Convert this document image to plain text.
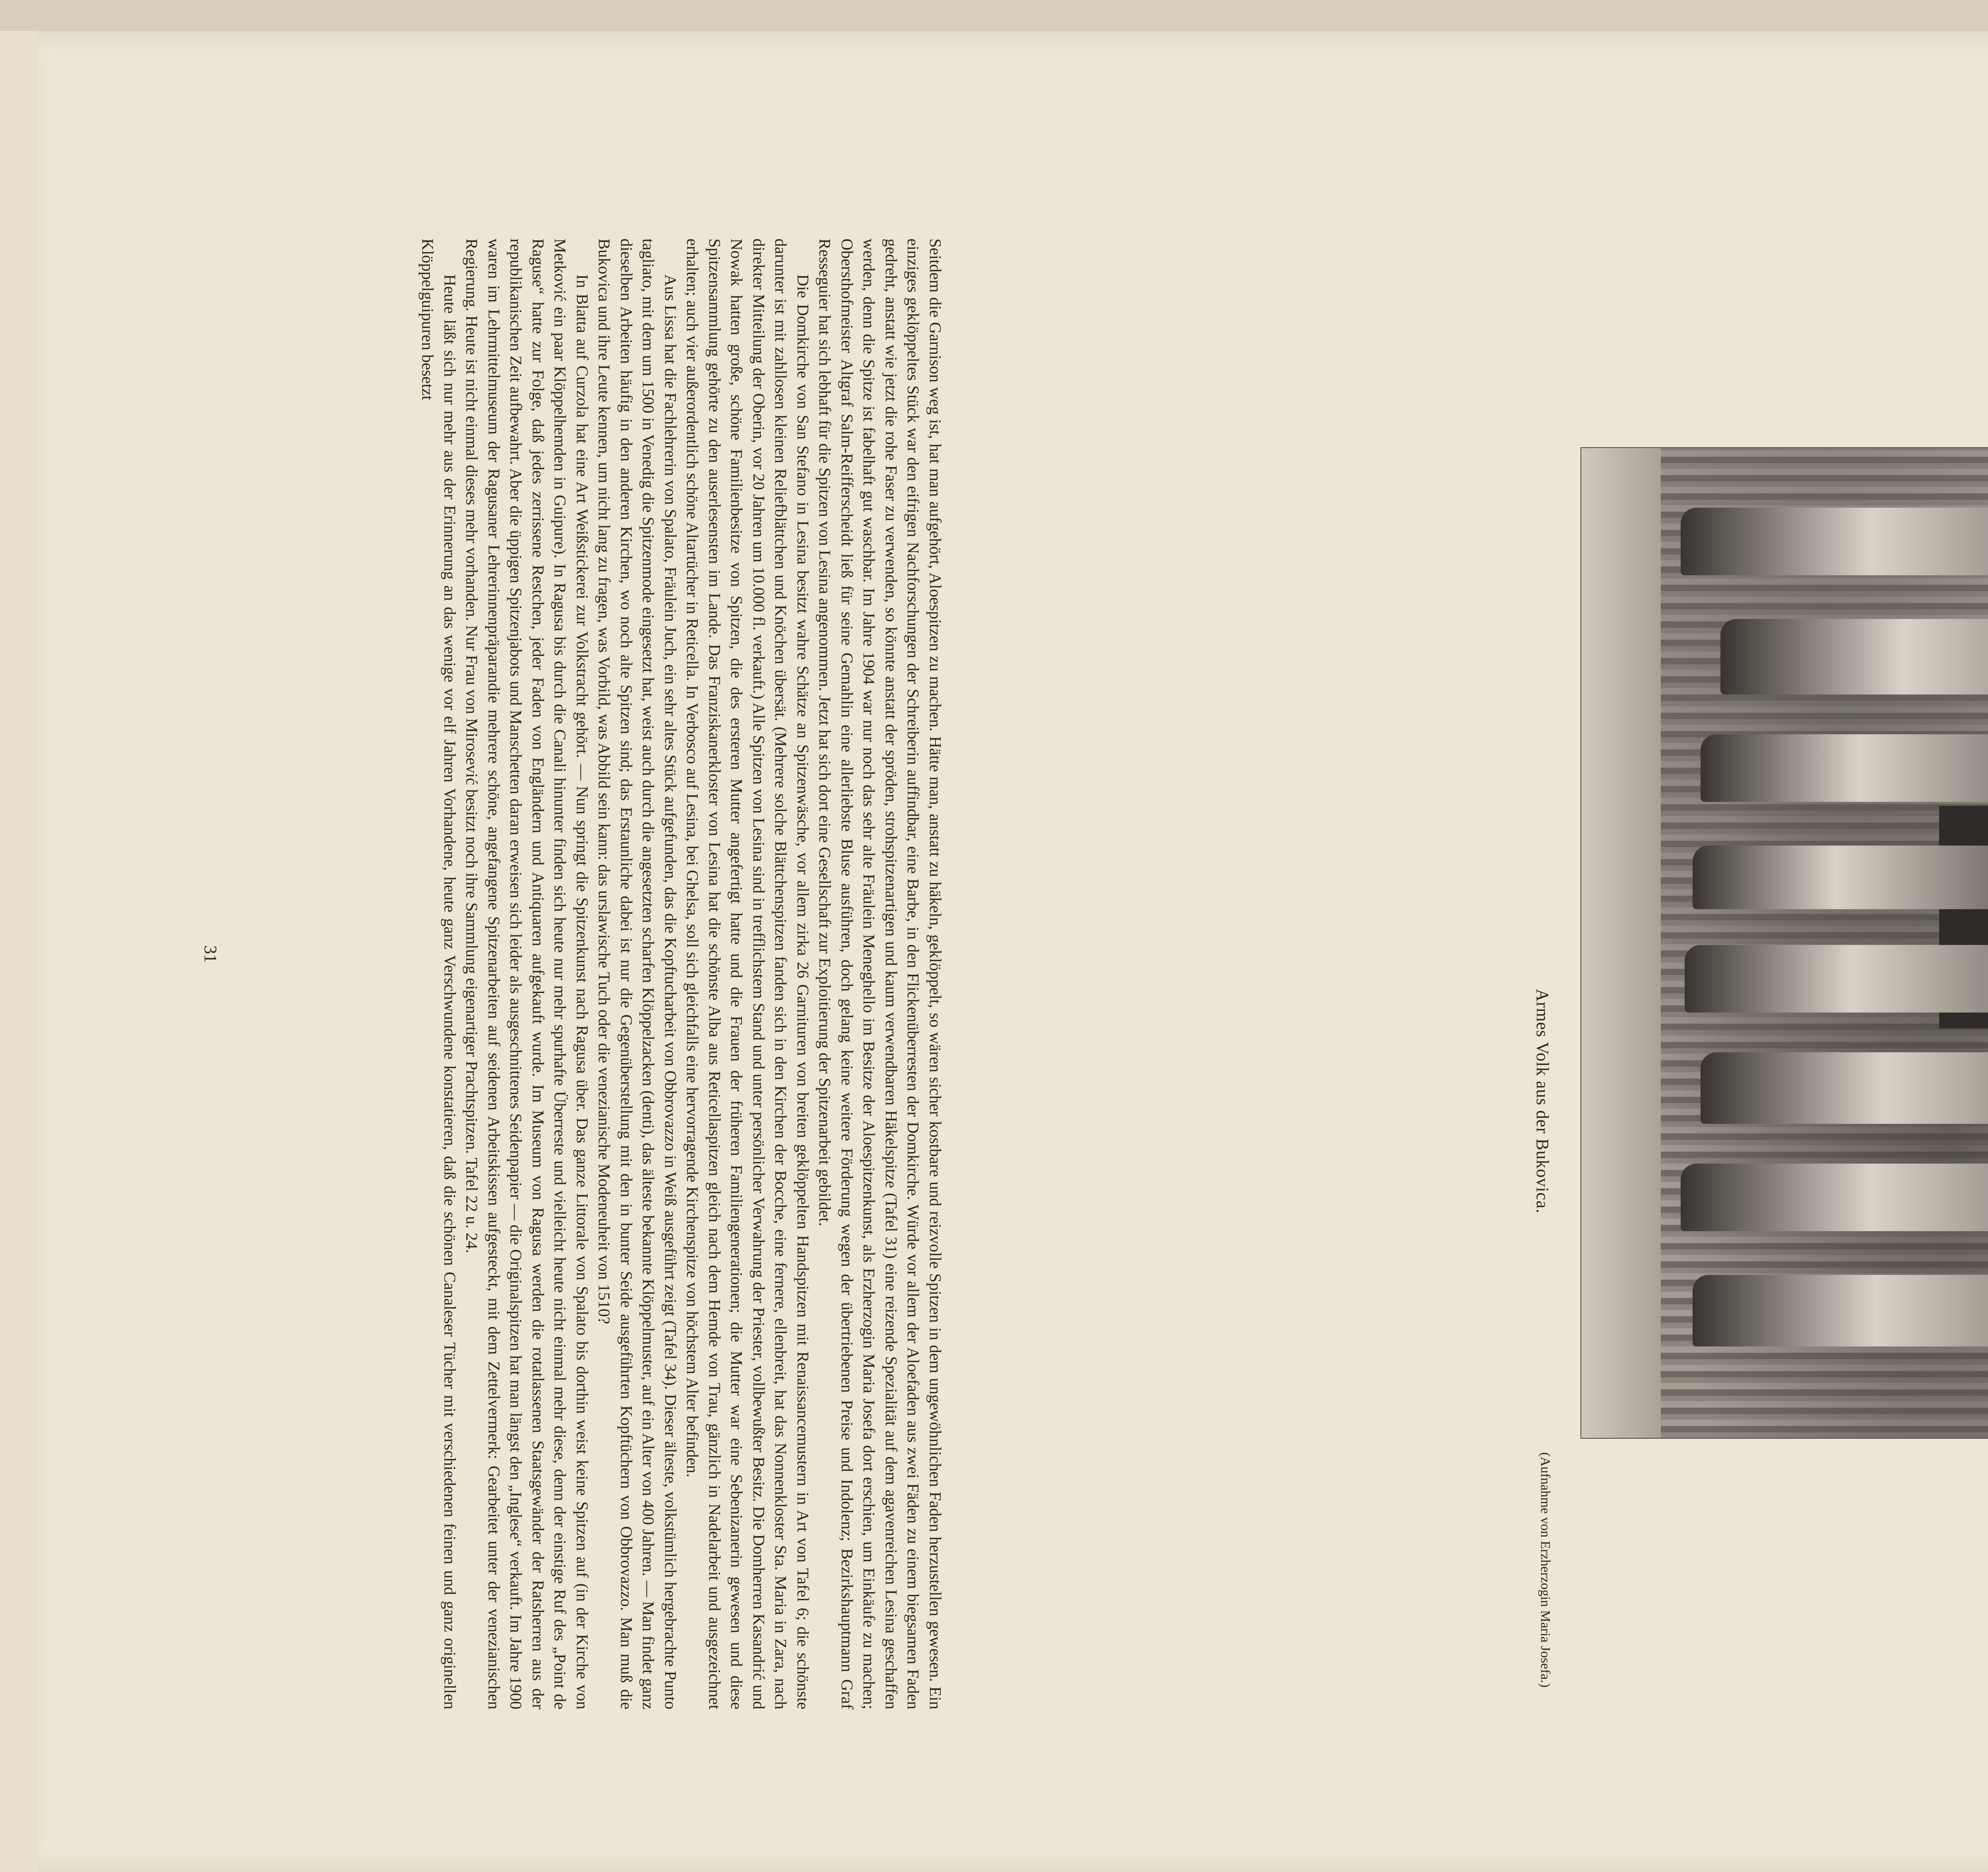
Armes Volk aus der Bukovica.
(Aufnahme von Erzherzogin Maria Josefa.)

Seitdem die Garnison weg ist, hat man aufgehört, Aloespitzen zu machen. Hätte man, anstatt zu häkeln, geklöppelt, so wären sicher kostbare und reizvolle Spitzen in dem ungewöhnlichen Faden herzustellen gewesen. Ein einziges geklöppeltes Stück war den eifrigen Nachforschungen der Schreiberin auffindbar, eine Barbe, in den Flickenüberresten der Domkirche. Würde vor allem der Aloefaden aus zwei Fäden zu einem biegsamen Faden gedreht, anstatt wie jetzt die rohe Faser zu verwenden, so könnte anstatt der spröden, strohspitzenartigen und kaum verwendbaren Häkelspitze (Tafel 31) eine reizende Spezialität auf dem agavenreichen Lesina geschaffen werden, denn die Spitze ist fabelhaft gut waschbar. Im Jahre 1904 war nur noch das sehr alte Fräulein Meneghello im Besitze der Aloespitzenkunst, als Erzherzogin Maria Josefa dort erschien, um Einkäufe zu machen; Obersthofmeister Altgraf Salm-Reifferscheidt ließ für seine Gemahlin eine allerliebste Bluse ausführen, doch gelang keine weitere Förderung wegen der übertriebenen Preise und Indolenz; Bezirkshauptmann Graf Resseguier hat sich lebhaft für die Spitzen von Lesina angenommen. Jetzt hat sich dort eine Gesellschaft zur Exploitierung der Spitzenarbeit gebildet.

Die Domkirche von San Stefano in Lesina besitzt wahre Schätze an Spitzenwäsche, vor allem zirka 26 Garnituren von breiten geklöppelten Handspitzen mit Renaissancemustern in Art von Tafel 6; die schönste darunter ist mit zahllosen kleinen Reliefblättchen und Knöchen übersät. (Mehrere solche Blättchenspitzen fanden sich in den Kirchen der Bocche, eine fernere, ellenbreit, hat das Nonnenkloster Sta. Maria in Zara, nach direkter Mitteilung der Oberin, vor 20 Jahren um 10.000 fl. verkauft.) Alle Spitzen von Lesina sind in trefflichstem Stand und unter persönlicher Verwahrung der Priester, vollbewußter Besitz. Die Domherren Kasandrić und Nowak hatten große, schöne Familienbesitze von Spitzen, die des ersteren Mutter angefertigt hatte und die Frauen der früheren Familiengenerationen; die Mutter war eine Sebenizanerin gewesen und diese Spitzensammlung gehörte zu den auserlesensten im Lande. Das Franziskanerkloster von Lesina hat die schönste Alba aus Reticellaspitzen gleich nach dem Hemde von Trau, gänzlich in Nadelarbeit und ausgezeichnet erhalten; auch vier außerordentlich schöne Altartücher in Reticella. In Verbosco auf Lesina, bei Ghelsa, soll sich gleichfalls eine hervorragende Kirchenspitze von höchstem Alter befinden.

Aus Lissa hat die Fachlehrerin von Spalato, Fräulein Juch, ein sehr altes Stück aufgefunden, das die Kopftucharbeit von Obbrovazzo in Weiß ausgeführt zeigt (Tafel 34). Dieser älteste, volkstümlich hergebrachte Punto tagliato, mit dem um 1500 in Venedig die Spitzenmode eingesetzt hat, weist auch durch die angesetzten scharfen Klöppelzacken (denti), das älteste bekannte Klöppelmuster, auf ein Alter von 400 Jahren. — Man findet ganz dieselben Arbeiten häufig in den anderen Kirchen, wo noch alte Spitzen sind; das Erstaunliche dabei ist nur die Gegenüberstellung mit den in bunter Seide ausgeführten Kopftüchern von Obbrovazzo. Man muß die Bukovica und ihre Leute kennen, um nicht lang zu fragen, was Vorbild, was Abbild sein kann: das urslawische Tuch oder die venezianische Modeneuheit von 1510?

In Blatta auf Curzola hat eine Art Weißstickerei zur Volkstracht gehört. — Nun springt die Spitzenkunst nach Ragusa über. Das ganze Littorale von Spalato bis dorthin weist keine Spitzen auf (in der Kirche von Metković ein paar Klöppelhemden in Guipure). In Ragusa bis durch die Canali hinunter finden sich heute nur mehr spurhafte Überreste und vielleicht heute nicht einmal mehr diese, denn der einstige Ruf des „Point de Raguse“ hatte zur Folge, daß jedes zerrissene Restchen, jeder Faden von Engländern und Antiquaren aufgekauft wurde. Im Museum von Ragusa werden die rotatlassenen Staatsgewänder der Ratsherren aus der republikanischen Zeit aufbewahrt. Aber die üppigen Spitzenjabots und Manschetten daran erweisen sich leider als ausgeschnittenes Seidenpapier — die Originalspitzen hat man längst den „Inglese“ verkauft. Im Jahre 1900 waren im Lehrmittelmuseum der Ragusaner Lehrerinnenpräparandie mehrere schöne, angefangene Spitzenarbeiten auf seidenen Arbeitskissen aufgesteckt, mit dem Zettelvermerk: Gearbeitet unter der venezianischen Regierung. Heute ist nicht einmal dieses mehr vorhanden. Nur Frau von Mirosević besitzt noch ihre Sammlung eigenartiger Prachtspitzen. Tafel 22 u. 24.

Heute läßt sich nur mehr aus der Erinnerung an das wenige vor elf Jahren Vorhandene, heute ganz Verschwundene konstatieren, daß die schönen Canaleser Tücher mit verschiedenen feinen und ganz originellen Klöppelguipuren besetzt

31
